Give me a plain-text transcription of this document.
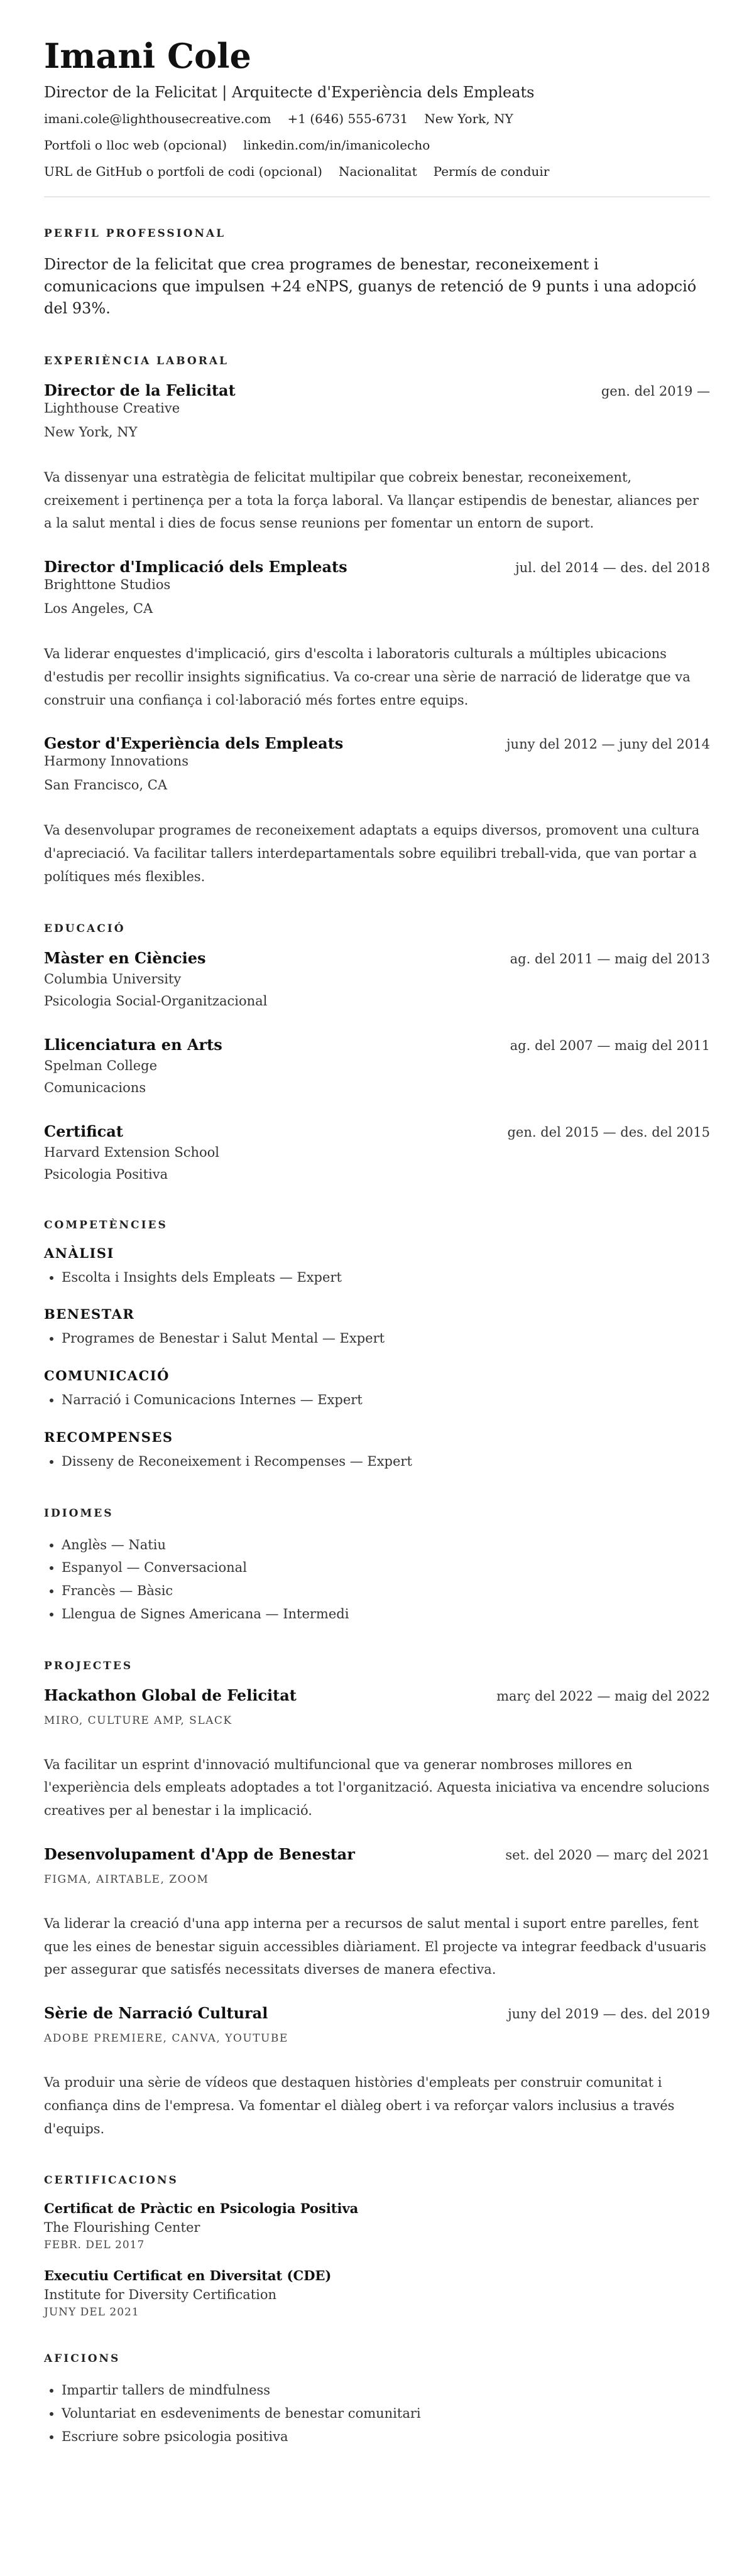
Imani Cole
Director de la Felicitat | Arquitecte d'Experiència dels Empleats
imani.cole@lighthousecreative.com +1 (646) 555-6731 New York, NY
Portfoli o lloc web (opcional) linkedin.com/in/imanicolecho
URL de GitHub o portfoli de codi (opcional) Nacionalitat Permís de conduir
PERFIL PROFESSIONAL
Director de la felicitat que crea programes de benestar, reconeixement i comunicacions que impulsen +24 eNPS, guanys de retenció de 9 punts i una adopció del 93%.
EXPERIÈNCIA LABORAL
Director de la Felicitat	gen. del 2019 —
Lighthouse Creative
New York, NY
Va dissenyar una estratègia de felicitat multipilar que cobreix benestar, reconeixement, creixement i pertinença per a tota la força laboral. Va llançar estipendis de benestar, aliances per a la salut mental i dies de focus sense reunions per fomentar un entorn de suport.
Director d'Implicació dels Empleats	jul. del 2014 — des. del 2018
Brighttone Studios
Los Angeles, CA
Va liderar enquestes d'implicació, girs d'escolta i laboratoris culturals a múltiples ubicacions d'estudis per recollir insights significatius. Va co-crear una sèrie de narració de lideratge que va construir una confiança i col·laboració més fortes entre equips.
Gestor d'Experiència dels Empleats	juny del 2012 — juny del 2014
Harmony Innovations
San Francisco, CA
Va desenvolupar programes de reconeixement adaptats a equips diversos, promovent una cultura d'apreciació. Va facilitar tallers interdepartamentals sobre equilibri treball-vida, que van portar a polítiques més flexibles.
EDUCACIÓ
Màster en Ciències	ag. del 2011 — maig del 2013
Columbia University
Psicologia Social-Organitzacional
Llicenciatura en Arts	ag. del 2007 — maig del 2011
Spelman College
Comunicacions
Certificat	gen. del 2015 — des. del 2015
Harvard Extension School
Psicologia Positiva
COMPETÈNCIES
ANÀLISI
• Escolta i Insights dels Empleats — Expert
BENESTAR
• Programes de Benestar i Salut Mental — Expert
COMUNICACIÓ
• Narració i Comunicacions Internes — Expert
RECOMPENSES
• Disseny de Reconeixement i Recompenses — Expert
IDIOMES
• Anglès — Natiu
• Espanyol — Conversacional
• Francès — Bàsic
• Llengua de Signes Americana — Intermedi
PROJECTES
Hackathon Global de Felicitat	març del 2022 — maig del 2022
MIRO, CULTURE AMP, SLACK
Va facilitar un esprint d'innovació multifuncional que va generar nombroses millores en l'experiència dels empleats adoptades a tot l'organització. Aquesta iniciativa va encendre solucions creatives per al benestar i la implicació.
Desenvolupament d'App de Benestar	set. del 2020 — març del 2021
FIGMA, AIRTABLE, ZOOM
Va liderar la creació d'una app interna per a recursos de salut mental i suport entre parelles, fent que les eines de benestar siguin accessibles diàriament. El projecte va integrar feedback d'usuaris per assegurar que satisfés necessitats diverses de manera efectiva.
Sèrie de Narració Cultural	juny del 2019 — des. del 2019
ADOBE PREMIERE, CANVA, YOUTUBE
Va produir una sèrie de vídeos que destaquen històries d'empleats per construir comunitat i confiança dins de l'empresa. Va fomentar el diàleg obert i va reforçar valors inclusius a través d'equips.
CERTIFICACIONS
Certificat de Pràctic en Psicologia Positiva
The Flourishing Center
FEBR. DEL 2017
Executiu Certificat en Diversitat (CDE)
Institute for Diversity Certification
JUNY DEL 2021
AFICIONS
• Impartir tallers de mindfulness
• Voluntariat en esdeveniments de benestar comunitari
• Escriure sobre psicologia positiva
